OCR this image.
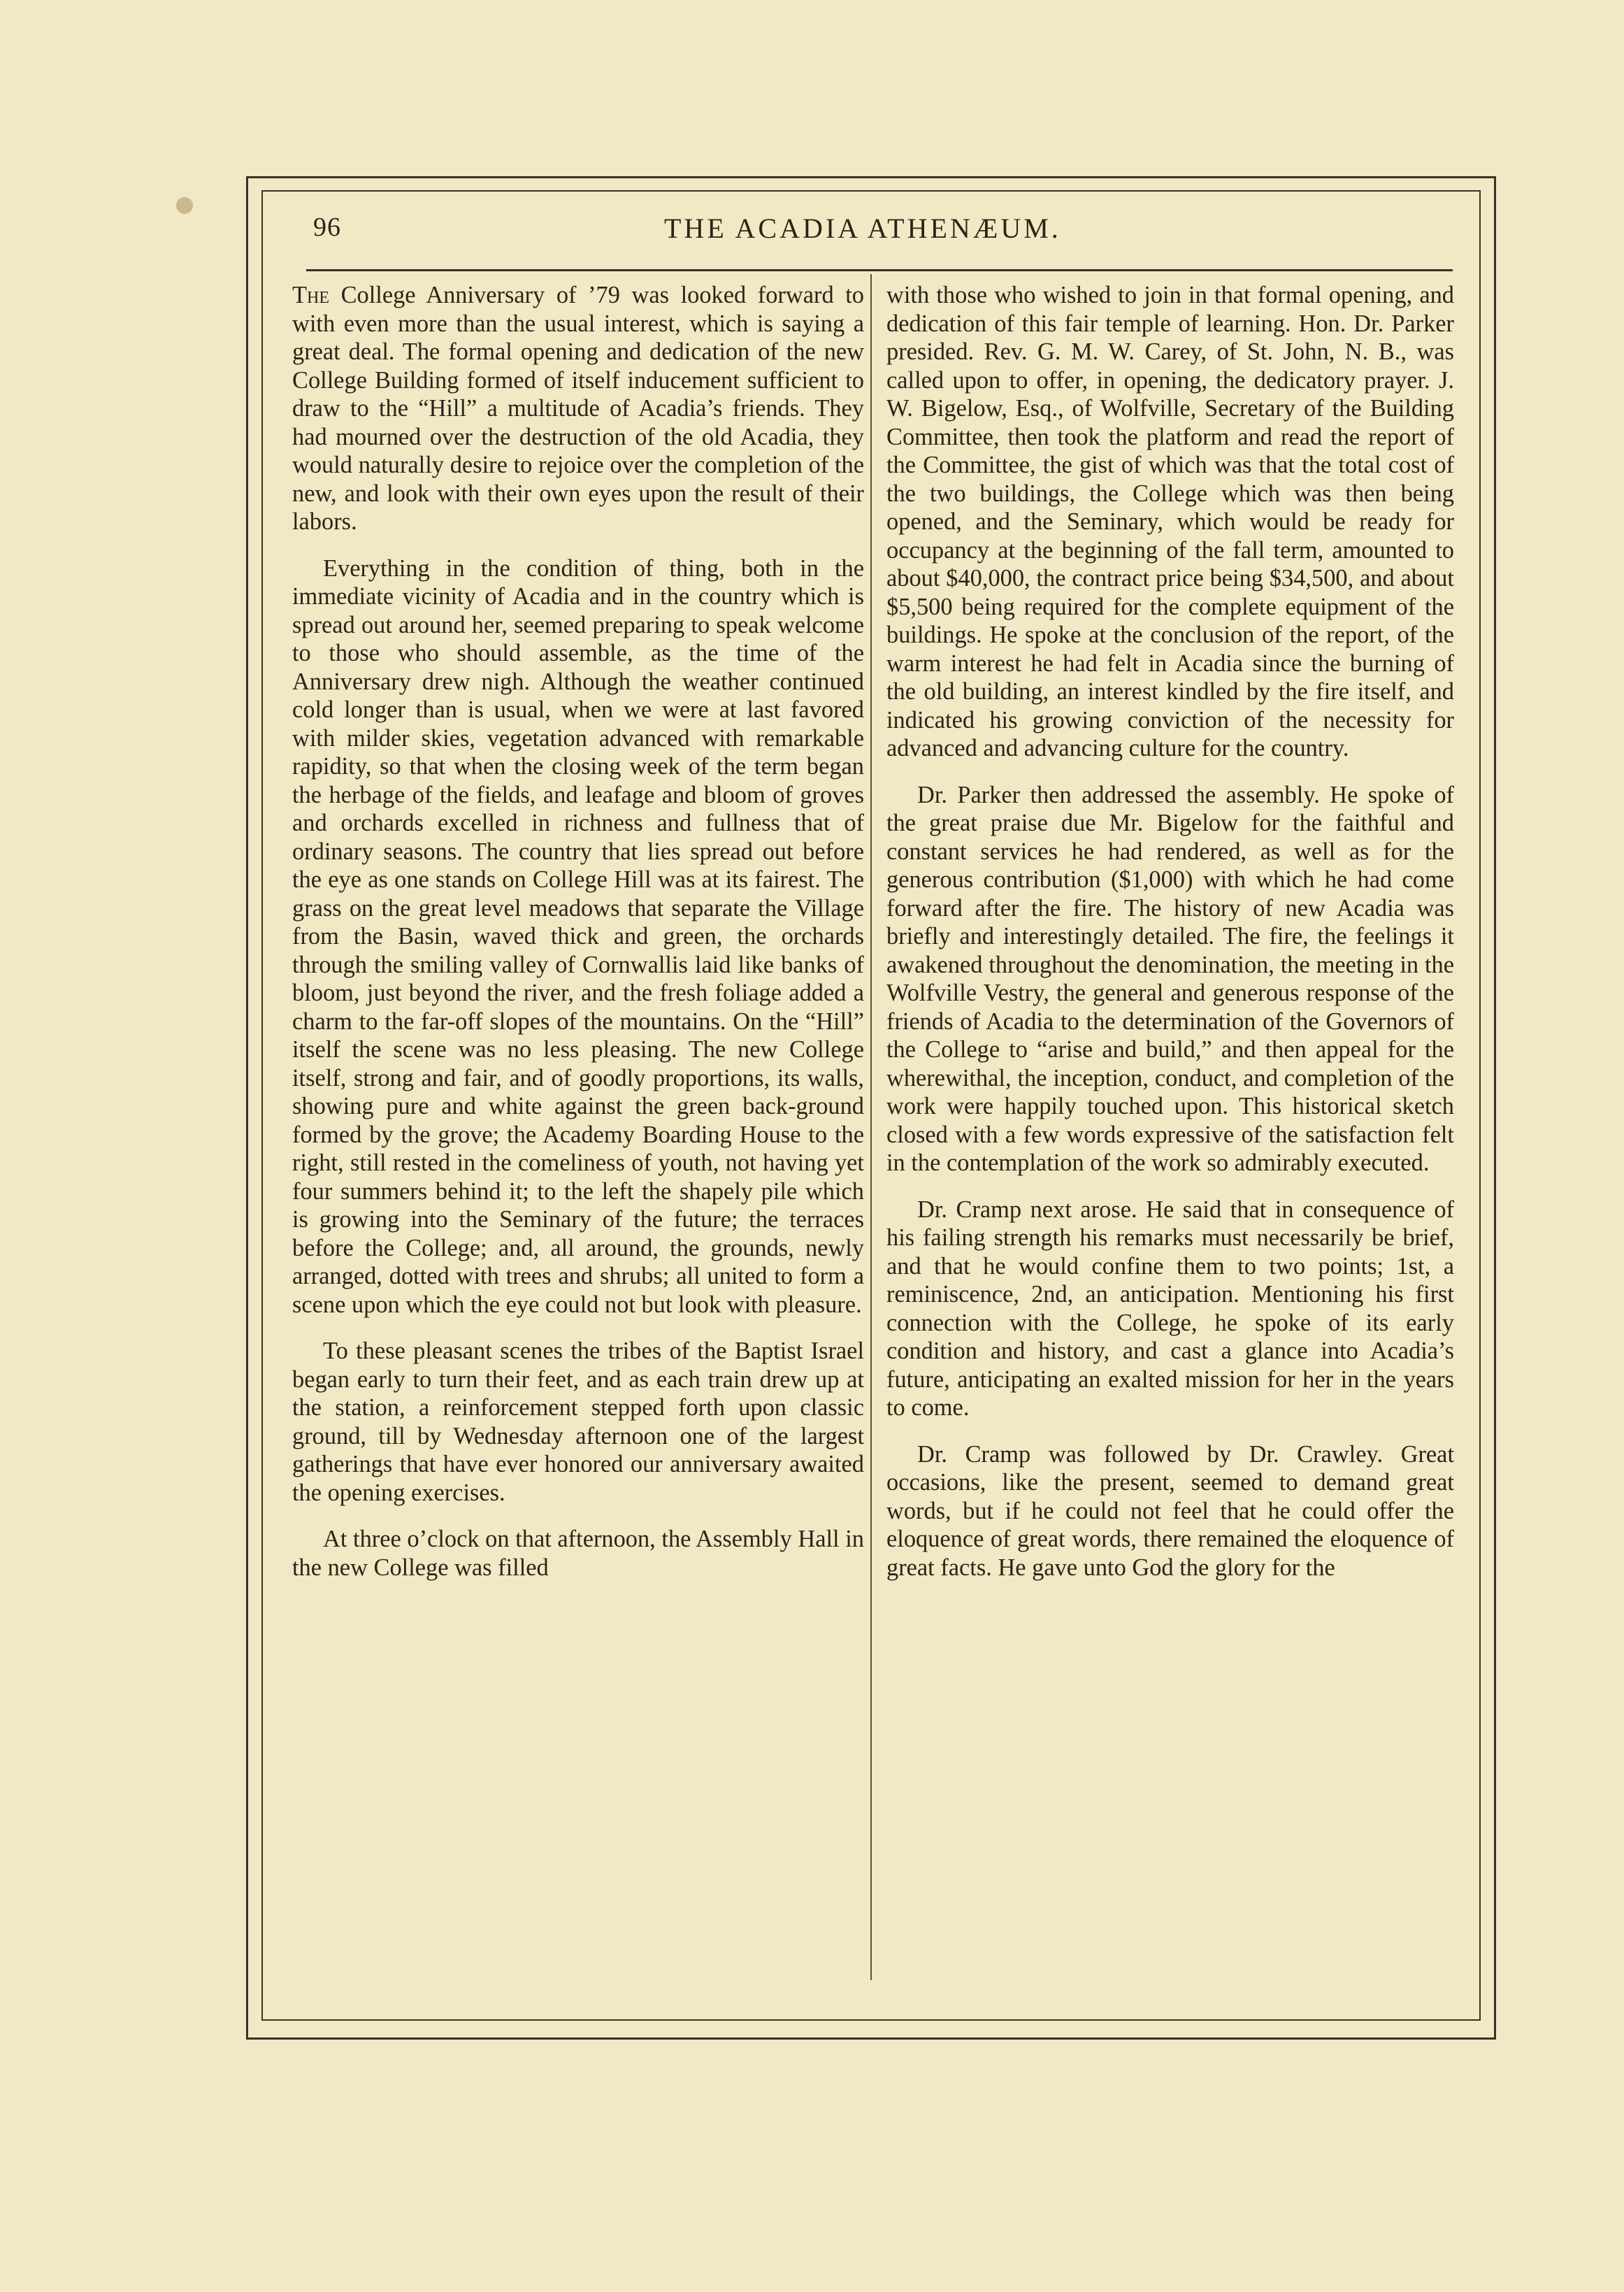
96	THE ACADIA ATHENÆUM.

The College Anniversary of ’79 was looked forward to with even more than the usual interest, which is saying a great deal. The formal opening and dedication of the new College Building formed of itself inducement sufficient to draw to the “Hill” a multitude of Acadia’s friends. They had mourned over the destruction of the old Acadia, they would naturally desire to rejoice over the completion of the new, and look with their own eyes upon the result of their labors.

Everything in the condition of thing, both in the immediate vicinity of Acadia and in the country which is spread out around her, seemed preparing to speak welcome to those who should assemble, as the time of the Anniversary drew nigh. Although the weather continued cold longer than is usual, when we were at last favored with milder skies, vegetation advanced with remarkable rapidity, so that when the closing week of the term began the herbage of the fields, and leafage and bloom of groves and orchards excelled in richness and fullness that of ordinary seasons. The country that lies spread out before the eye as one stands on College Hill was at its fairest. The grass on the great level meadows that separate the Village from the Basin, waved thick and green, the orchards through the smiling valley of Cornwallis laid like banks of bloom, just beyond the river, and the fresh foliage added a charm to the far-off slopes of the mountains. On the “Hill” itself the scene was no less pleasing. The new College itself, strong and fair, and of goodly proportions, its walls, showing pure and white against the green back-ground formed by the grove; the Academy Boarding House to the right, still rested in the comeliness of youth, not having yet four summers behind it; to the left the shapely pile which is growing into the Seminary of the future; the terraces before the College; and, all around, the grounds, newly arranged, dotted with trees and shrubs; all united to form a scene upon which the eye could not but look with pleasure.

To these pleasant scenes the tribes of the Baptist Israel began early to turn their feet, and as each train drew up at the station, a reinforcement stepped forth upon classic ground, till by Wednesday afternoon one of the largest gatherings that have ever honored our anniversary awaited the opening exercises.

At three o’clock on that afternoon, the Assembly Hall in the new College was filled

with those who wished to join in that formal opening, and dedication of this fair temple of learning. Hon. Dr. Parker presided. Rev. G. M. W. Carey, of St. John, N. B., was called upon to offer, in opening, the dedicatory prayer. J. W. Bigelow, Esq., of Wolfville, Secretary of the Building Committee, then took the platform and read the report of the Committee, the gist of which was that the total cost of the two buildings, the College which was then being opened, and the Seminary, which would be ready for occupancy at the beginning of the fall term, amounted to about $40,000, the contract price being $34,500, and about $5,500 being required for the complete equipment of the buildings. He spoke at the conclusion of the report, of the warm interest he had felt in Acadia since the burning of the old building, an interest kindled by the fire itself, and indicated his growing conviction of the necessity for advanced and advancing culture for the country.

Dr. Parker then addressed the assembly. He spoke of the great praise due Mr. Bigelow for the faithful and constant services he had rendered, as well as for the generous contribution ($1,000) with which he had come forward after the fire. The history of new Acadia was briefly and interestingly detailed. The fire, the feelings it awakened throughout the denomination, the meeting in the Wolfville Vestry, the general and generous response of the friends of Acadia to the determination of the Governors of the College to “arise and build,” and then appeal for the wherewithal, the inception, conduct, and completion of the work were happily touched upon. This historical sketch closed with a few words expressive of the satisfaction felt in the contemplation of the work so admirably executed.

Dr. Cramp next arose. He said that in consequence of his failing strength his remarks must necessarily be brief, and that he would confine them to two points; 1st, a reminiscence, 2nd, an anticipation. Mentioning his first connection with the College, he spoke of its early condition and history, and cast a glance into Acadia’s future, anticipating an exalted mission for her in the years to come.

Dr. Cramp was followed by Dr. Crawley. Great occasions, like the present, seemed to demand great words, but if he could not feel that he could offer the eloquence of great words, there remained the eloquence of great facts. He gave unto God the glory for the
